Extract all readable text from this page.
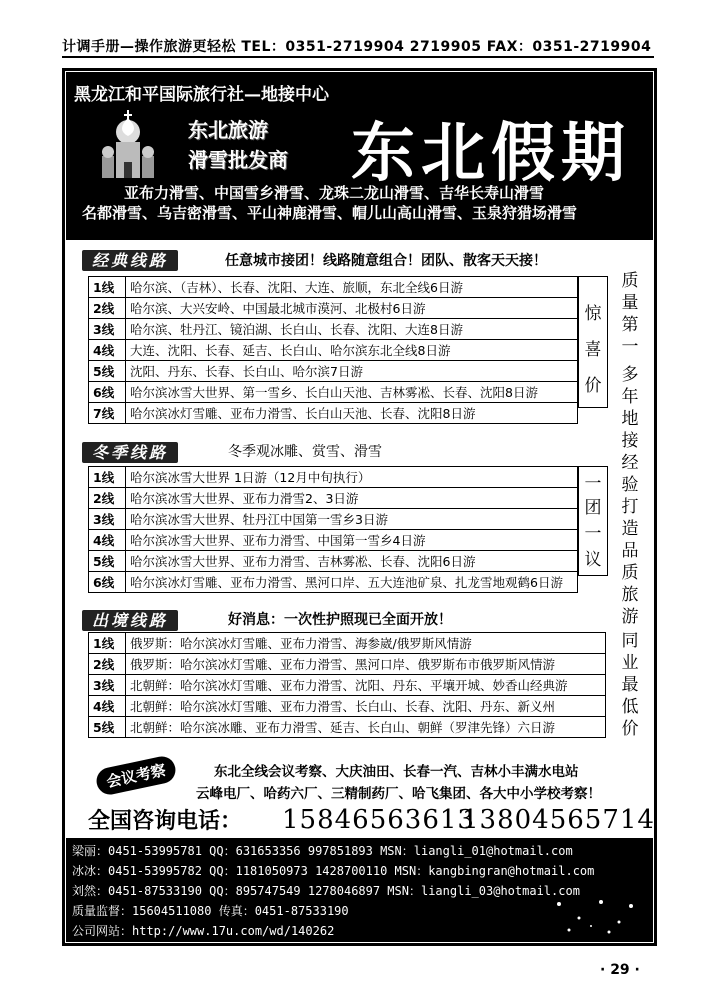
计调手册—操作旅游更轻松 TEL：0351-2719904 2719905 FAX：0351-2719904
黑龙江和平国际旅行社—地接中心
东北旅游
滑雪批发商 东北假期
亚布力滑雪、中国雪乡滑雪、龙珠二龙山滑雪、吉华长寿山滑雪
名都滑雪、乌吉密滑雪、平山神鹿滑雪、帽儿山高山滑雪、玉泉狩猎场滑雪
经典线路	任意城市接团！线路随意组合！团队、散客天天接！
1线	哈尔滨、（吉林）、长春、沈阳、大连、旅顺，东北全线6日游
2线	哈尔滨、大兴安岭、中国最北城市漠河、北极村6日游
3线	哈尔滨、牡丹江、镜泊湖、长白山、长春、沈阳、大连8日游
4线	大连、沈阳、长春、延吉、长白山、哈尔滨东北全线8日游
5线	沈阳、丹东、长春、长白山、哈尔滨7日游
6线	哈尔滨冰雪大世界、第一雪乡、长白山天池、吉林雾凇、长春、沈阳8日游
7线	哈尔滨冰灯雪雕、亚布力滑雪、长白山天池、长春、沈阳8日游
惊
喜
价
冬季线路	冬季观冰雕、赏雪、滑雪
1线	哈尔滨冰雪大世界 1日游（12月中旬执行）
2线	哈尔滨冰雪大世界、亚布力滑雪2、3日游
3线	哈尔滨冰雪大世界、牡丹江中国第一雪乡3日游
4线	哈尔滨冰雪大世界、亚布力滑雪、中国第一雪乡4日游
5线	哈尔滨冰雪大世界、亚布力滑雪、吉林雾凇、长春、沈阳6日游
6线	哈尔滨冰灯雪雕、亚布力滑雪、黑河口岸、五大连池矿泉、扎龙雪地观鹤6日游
一
团
一
议
出境线路	好消息：一次性护照现已全面开放！
1线	俄罗斯：哈尔滨冰灯雪雕、亚布力滑雪、海参崴/俄罗斯风情游
2线	俄罗斯：哈尔滨冰灯雪雕、亚布力滑雪、黑河口岸、俄罗斯布市俄罗斯风情游
3线	北朝鲜：哈尔滨冰灯雪雕、亚布力滑雪、沈阳、丹东、平壤开城、妙香山经典游
4线	北朝鲜：哈尔滨冰灯雪雕、亚布力滑雪、长白山、长春、沈阳、丹东、新义州
5线	北朝鲜：哈尔滨冰雕、亚布力滑雪、延吉、长白山、朝鲜（罗津先锋）六日游
质量第一
多年地接经验
打造品质旅游
同业最低价
会议考察	东北全线会议考察、大庆油田、长春一汽、吉林小丰满水电站
云峰电厂、哈药六厂、三精制药厂、哈飞集团、各大中小学校考察！
全国咨询电话： 15846563613
13804565714
梁丽：0451-53995781 QQ：631653356 997851893 MSN：liangli_01@hotmail.com
冰冰：0451-53995782 QQ：1181050973 1428700110 MSN：kangbingran@hotmail.com
刘然：0451-87533190 QQ：895747549 1278046897 MSN：liangli_03@hotmail.com
质量监督：15604511080 传真：0451-87533190
公司网站：http://www.17u.com/wd/140262
· 29 ·
